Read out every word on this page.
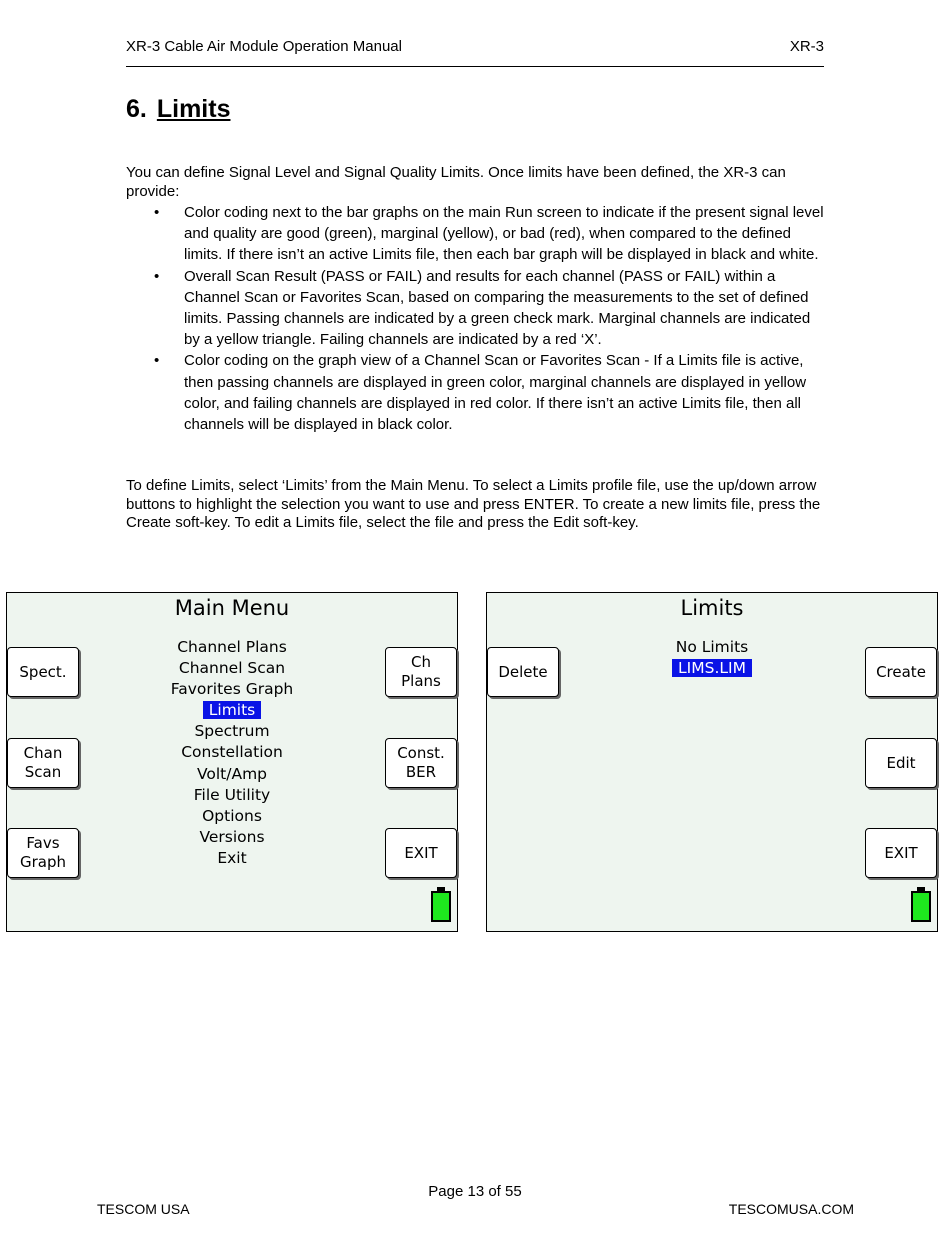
XR-3 Cable Air Module Operation Manual	XR-3
6. Limits
You can define Signal Level and Signal Quality Limits. Once limits have been defined, the XR-3 can provide:
• Color coding next to the bar graphs on the main Run screen to indicate if the present signal level and quality are good (green), marginal (yellow), or bad (red), when compared to the defined limits. If there isn’t an active Limits file, then each bar graph will be displayed in black and white.
• Overall Scan Result (PASS or FAIL) and results for each channel (PASS or FAIL) within a Channel Scan or Favorites Scan, based on comparing the measurements to the set of defined limits. Passing channels are indicated by a green check mark. Marginal channels are indicated by a yellow triangle. Failing channels are indicated by a red ‘X’.
• Color coding on the graph view of a Channel Scan or Favorites Scan - If a Limits file is active, then passing channels are displayed in green color, marginal channels are displayed in yellow color, and failing channels are displayed in red color. If there isn’t an active Limits file, then all channels will be displayed in black color.
To define Limits, select ‘Limits’ from the Main Menu. To select a Limits profile file, use the up/down arrow buttons to highlight the selection you want to use and press ENTER. To create a new limits file, press the Create soft-key. To edit a Limits file, select the file and press the Edit soft-key.
Main Menu
Spect.
Chan
Scan
Favs
Graph
Ch
Plans
Const.
BER
EXIT
Channel Plans
Channel Scan
Favorites Graph
Limits
Spectrum
Constellation
Volt/Amp
File Utility
Options
Versions
Exit
Limits
Delete	Create
Edit
EXIT
No Limits
LIMS.LIM
Page 13 of 55
TESCOM USA	TESCOMUSA.COM
